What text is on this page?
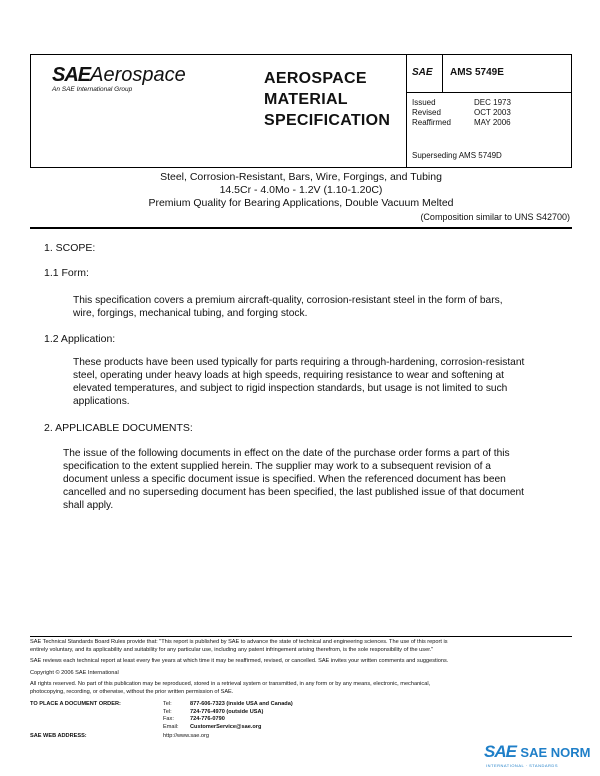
SAEAerospace
An SAE International Group
AEROSPACE
MATERIAL
SPECIFICATION
SAE AMS 5749E
Issued
Revised
Reaffirmed
DEC 1973
OCT 2003
MAY 2006
Superseding AMS 5749D
Steel, Corrosion-Resistant, Bars, Wire, Forgings, and Tubing
14.5Cr - 4.0Mo - 1.2V (1.10-1.20C)
Premium Quality for Bearing Applications, Double Vacuum Melted
(Composition similar to UNS S42700)
1. SCOPE:
1.1 Form:
This specification covers a premium aircraft-quality, corrosion-resistant steel in the form of bars,
wire, forgings, mechanical tubing, and forging stock.
1.2 Application:
These products have been used typically for parts requiring a through-hardening, corrosion-resistant
steel, operating under heavy loads at high speeds, requiring resistance to wear and softening at
elevated temperatures, and subject to rigid inspection standards, but usage is not limited to such
applications.
2. APPLICABLE DOCUMENTS:
The issue of the following documents in effect on the date of the purchase order forms a part of this
specification to the extent supplied herein. The supplier may work to a subsequent revision of a
document unless a specific document issue is specified. When the referenced document has been
cancelled and no superseding document has been specified, the last published issue of that document
shall apply.
SAE Technical Standards Board Rules provide that: "This report is published by SAE to advance the state of technical and engineering sciences. The use of this report is
entirely voluntary, and its applicability and suitability for any particular use, including any patent infringement arising therefrom, is the sole responsibility of the user."
SAE reviews each technical report at least every five years at which time it may be reaffirmed, revised, or cancelled. SAE invites your written comments and suggestions.
Copyright © 2006 SAE International
All rights reserved. No part of this publication may be reproduced, stored in a retrieval system or transmitted, in any form or by any means, electronic, mechanical,
photocopying, recording, or otherwise, without the prior written permission of SAE.
TO PLACE A DOCUMENT ORDER:	Tel:
Tel:
Fax:
Email:
877-606-7323 (inside USA and Canada)
724-776-4970 (outside USA)
724-776-0790
CustomerService@sae.org
SAE WEB ADDRESS:	http://www.sae.org
SAE SAE NORM
INTERNATIONAL · STANDARDS
